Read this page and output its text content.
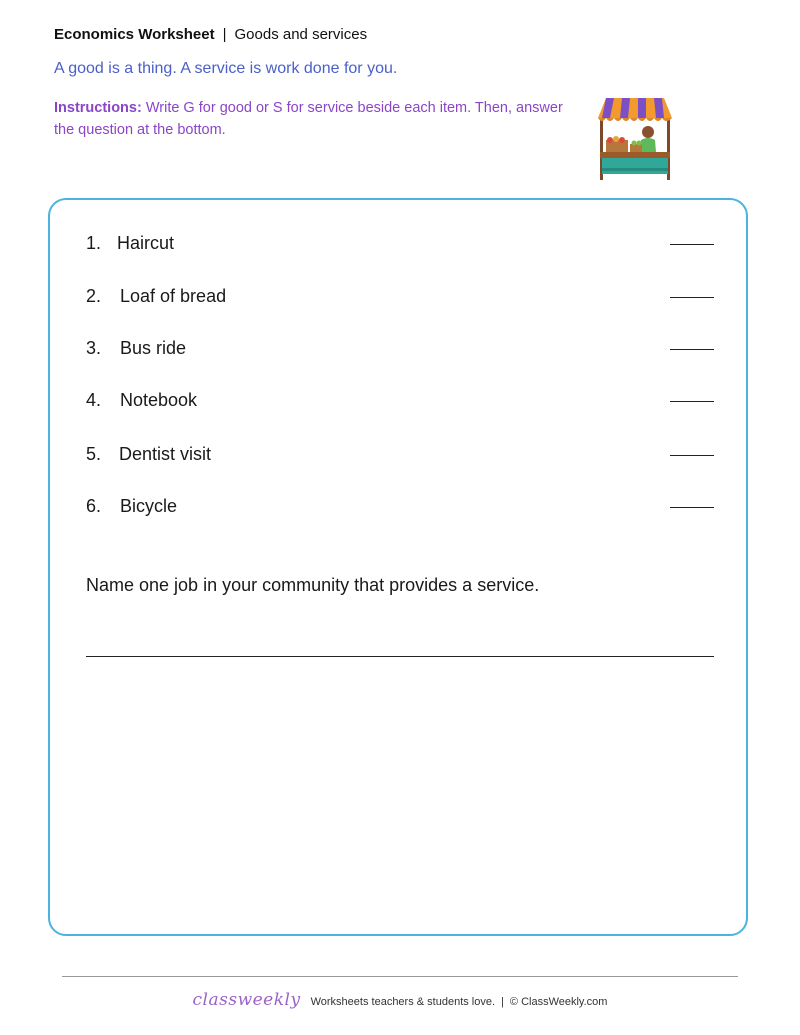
Economics Worksheet | Goods and services
A good is a thing. A service is work done for you.
Instructions: Write G for good or S for service beside each item. Then, answer the question at the bottom.
1. Haircut
2. Loaf of bread
3. Bus ride
4. Notebook
5. Dentist visit
6. Bicycle
Name one job in your community that provides a service.
classweekly Worksheets teachers & students love. | © ClassWeekly.com
